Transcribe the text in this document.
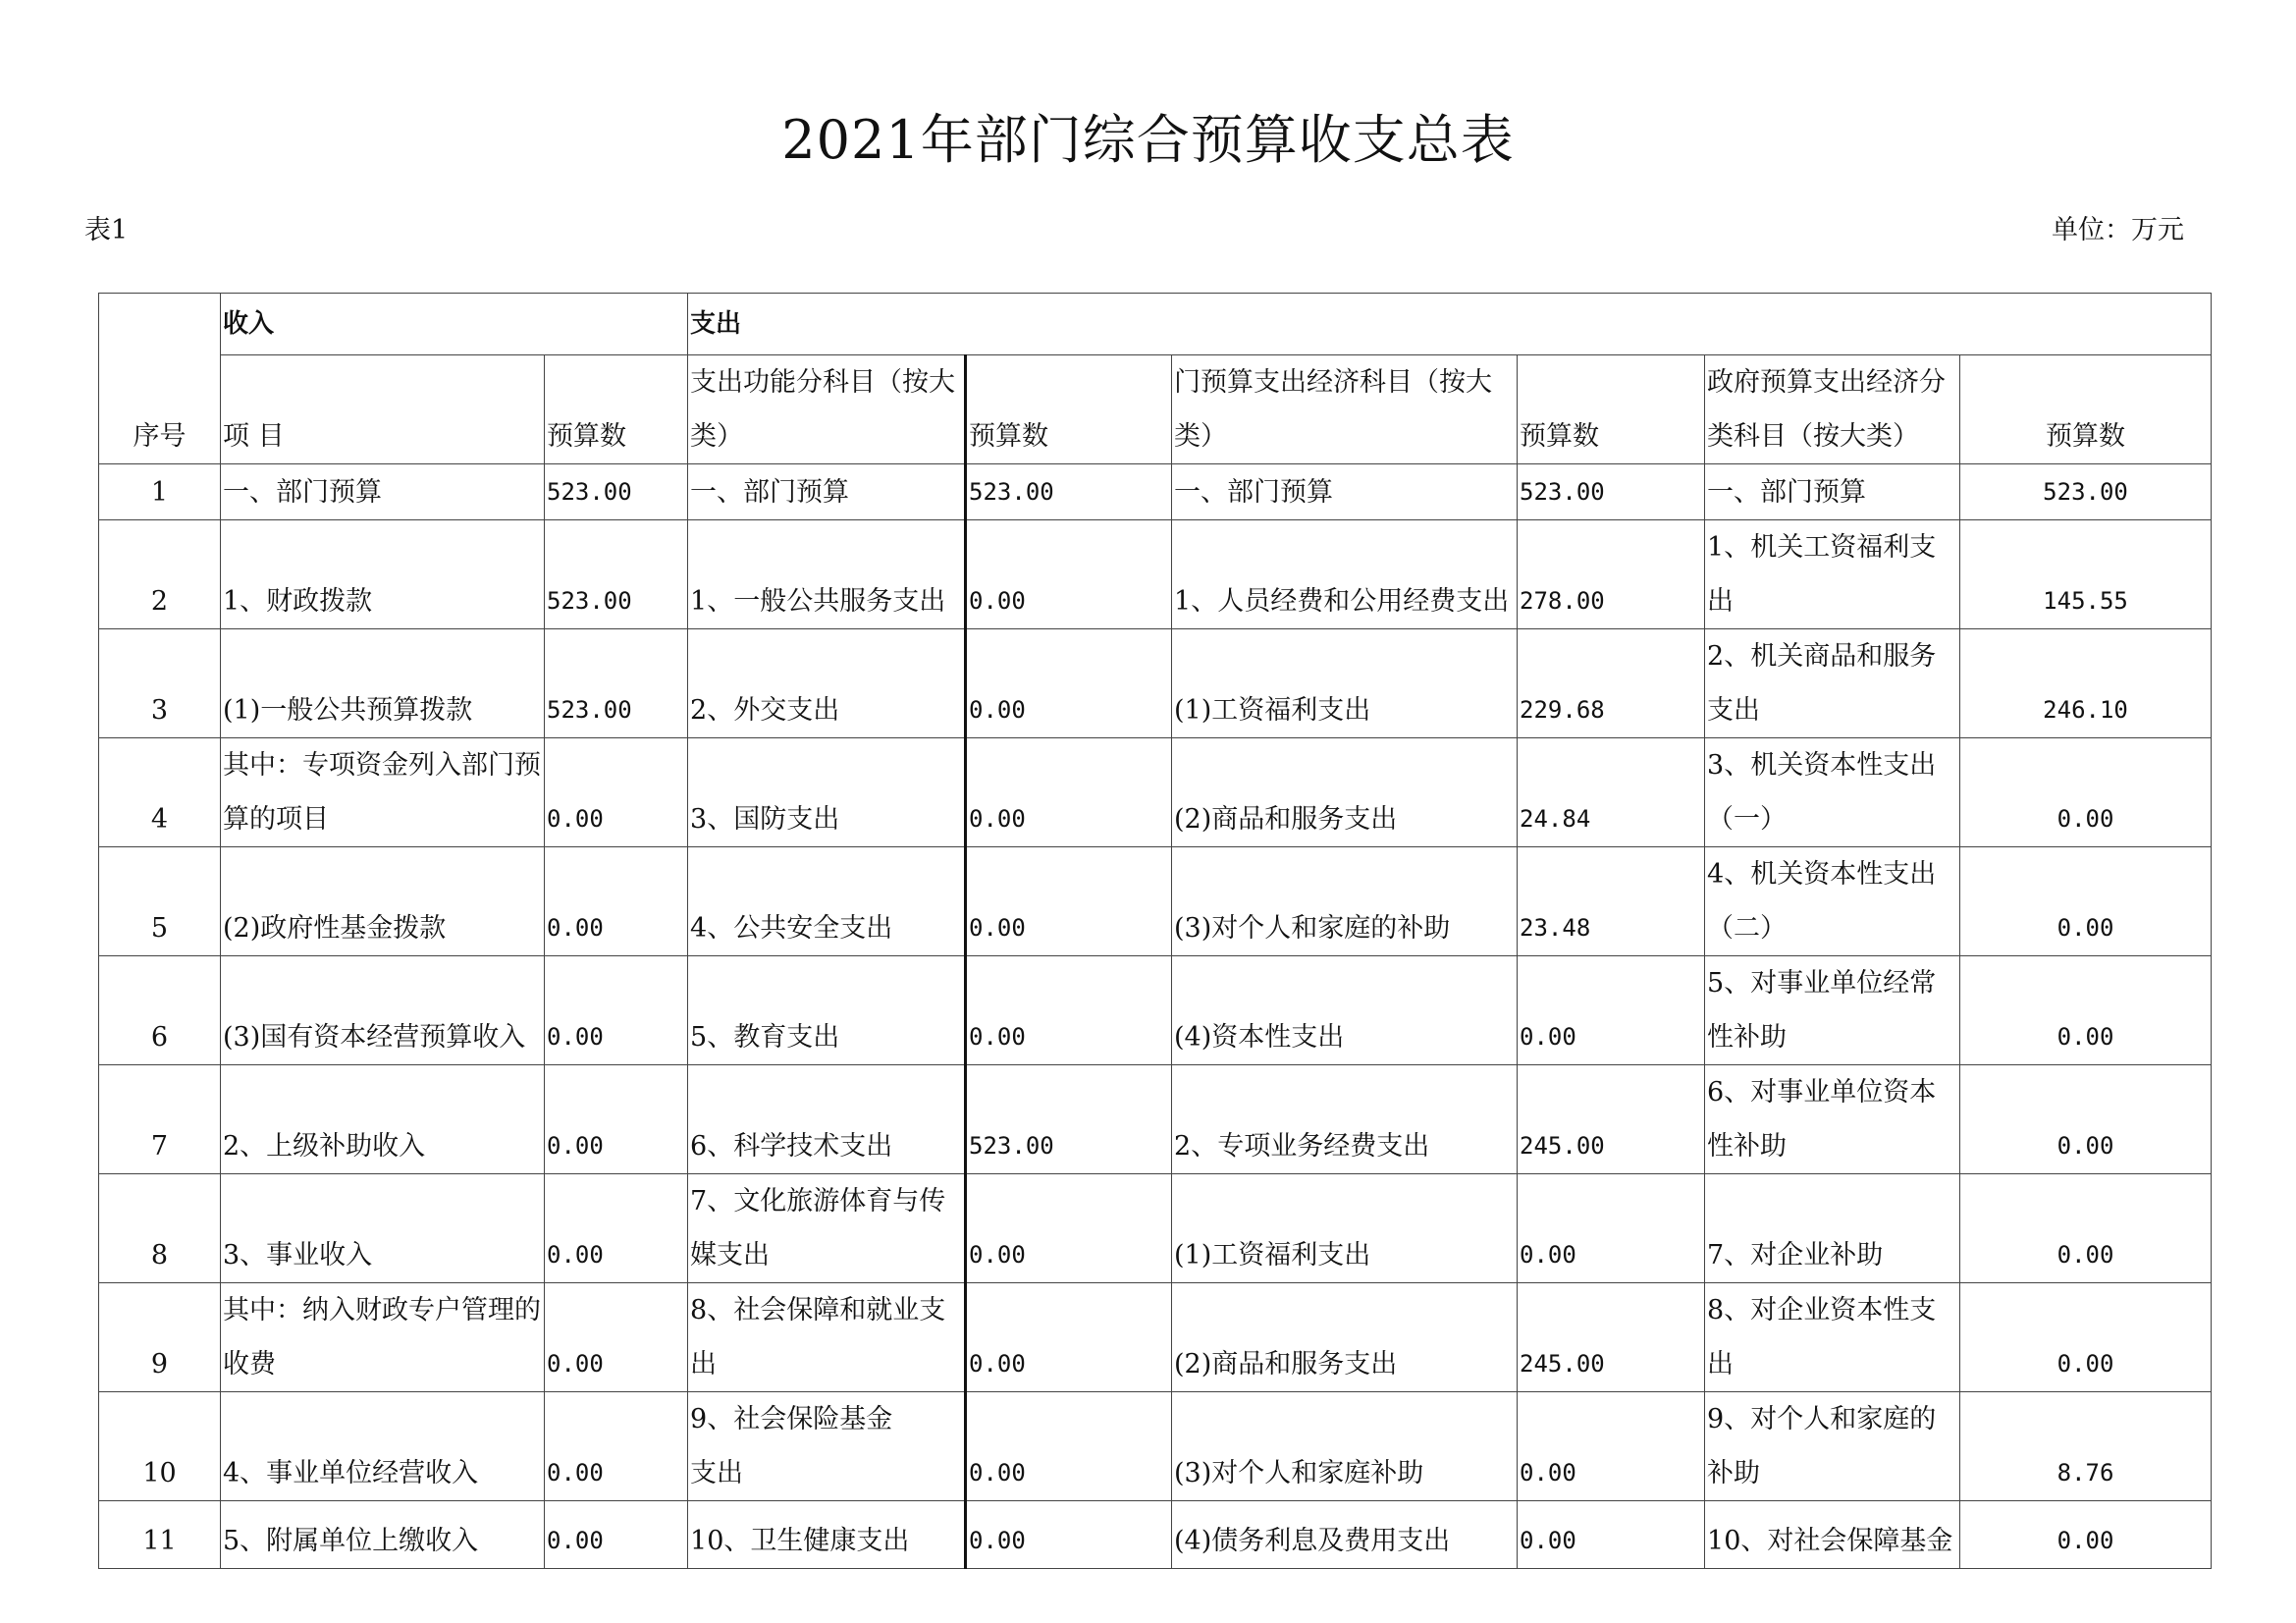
2021年部门综合预算收支总表
表1	单位：万元
序号	收入		支出					
	项 目	预算数	支出功能分科目（按大类）	预算数	门预算支出经济科目（按大类）	预算数	政府预算支出经济分类科目（按大类）	预算数
1	一、部门预算	523.00	一、部门预算	523.00	一、部门预算	523.00	一、部门预算	523.00
2	1、财政拨款	523.00	1、一般公共服务支出	0.00	1、人员经费和公用经费支出	278.00	1、机关工资福利支出	145.55
3	(1)一般公共预算拨款	523.00	2、外交支出	0.00	(1)工资福利支出	229.68	2、机关商品和服务支出	246.10
4	其中：专项资金列入部门预算的项目	0.00	3、国防支出	0.00	(2)商品和服务支出	24.84	3、机关资本性支出（一）	0.00
5	(2)政府性基金拨款	0.00	4、公共安全支出	0.00	(3)对个人和家庭的补助	23.48	4、机关资本性支出（二）	0.00
6	(3)国有资本经营预算收入	0.00	5、教育支出	0.00	(4)资本性支出	0.00	5、对事业单位经常性补助	0.00
7	2、上级补助收入	0.00	6、科学技术支出	523.00	2、专项业务经费支出	245.00	6、对事业单位资本性补助	0.00
8	3、事业收入	0.00	7、文化旅游体育与传媒支出	0.00	(1)工资福利支出	0.00	7、对企业补助	0.00
9	其中：纳入财政专户管理的收费	0.00	8、社会保障和就业支出	0.00	(2)商品和服务支出	245.00	8、对企业资本性支出	0.00
10	4、事业单位经营收入	0.00	9、社会保险基金支出	0.00	(3)对个人和家庭补助	0.00	9、对个人和家庭的补助	8.76
11	5、附属单位上缴收入	0.00	10、卫生健康支出	0.00	(4)债务利息及费用支出	0.00	10、对社会保障基金	0.00
